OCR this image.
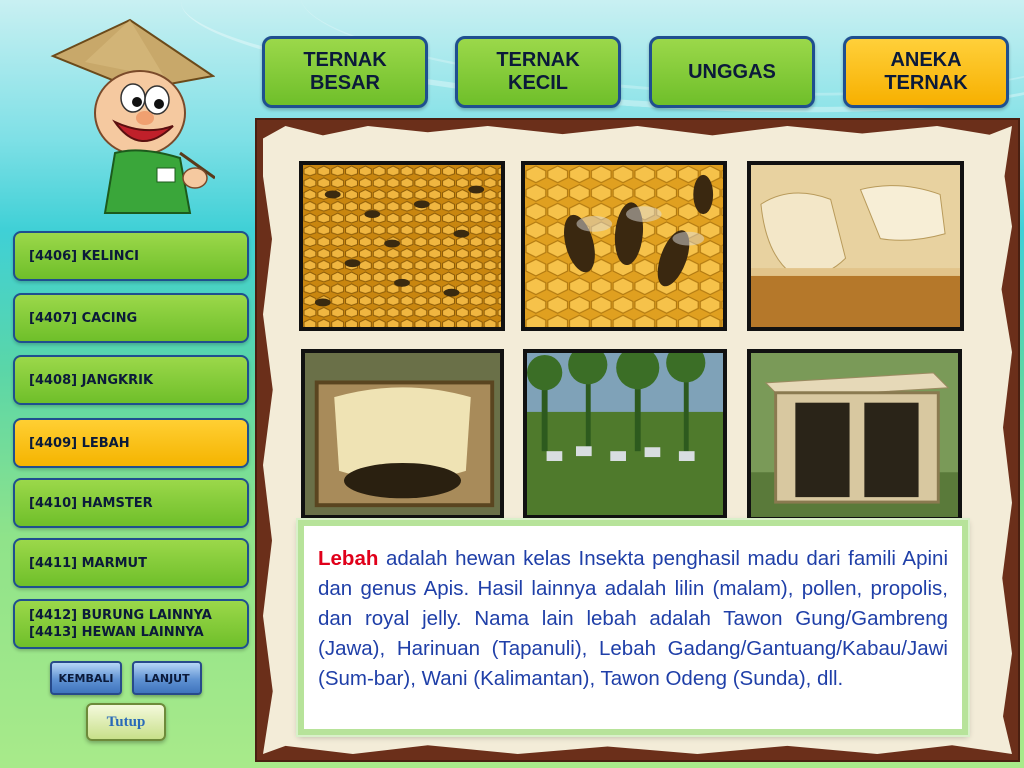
TERNAK
BESAR
TERNAK
KECIL
UNGGAS
ANEKA
TERNAK
[4406] KELINCI
[4407] CACING
[4408] JANGKRIK
[4409] LEBAH
[4410] HAMSTER
[4411] MARMUT
[4412] BURUNG LAINNYA
[4413] HEWAN LAINNYA
KEMBALI	LANJUT
Tutup

Lebah adalah hewan kelas Insekta penghasil madu dari famili Apini dan genus Apis. Hasil lainnya adalah lilin (malam), pollen, propolis, dan royal jelly. Nama lain lebah adalah Tawon Gung/Gambreng (Jawa), Harinuan (Tapanuli), Lebah Gadang/Gantuang/Kabau/Jawi (Sum-bar), Wani (Kalimantan), Tawon Odeng (Sunda), dll.
